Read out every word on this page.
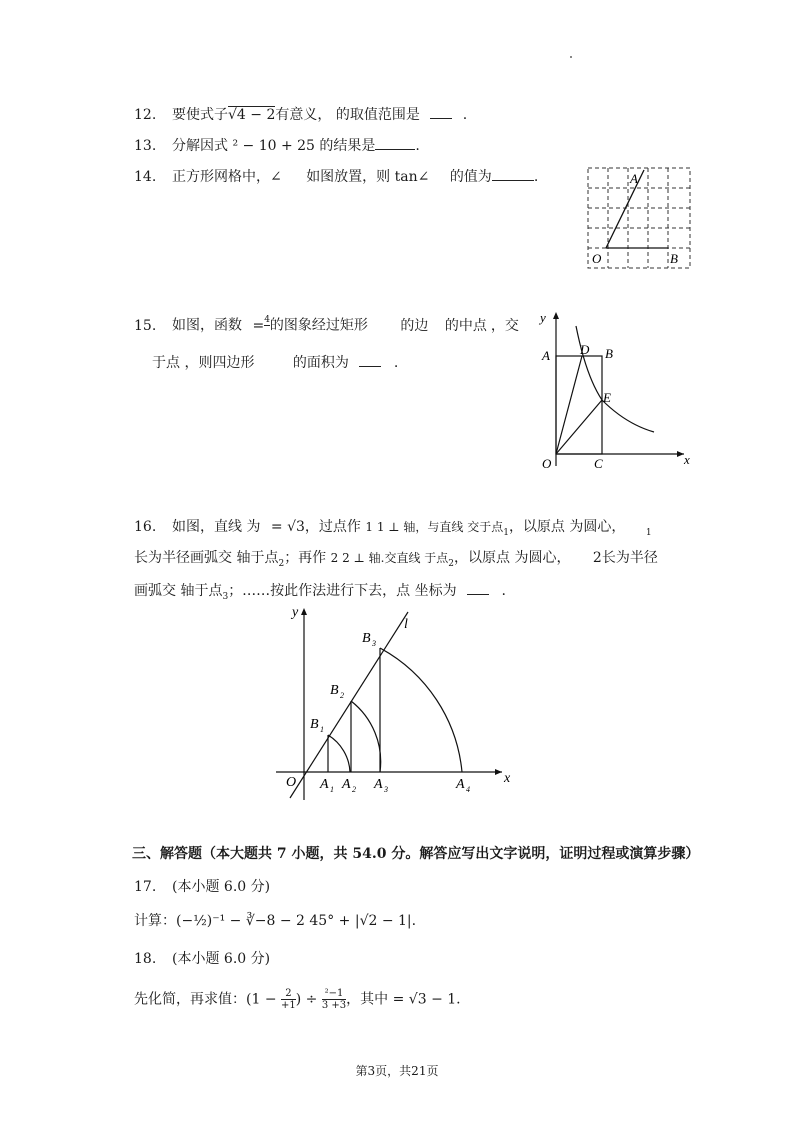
12. 要使式子√4 − 2有意义， 的取值范围是	.
13. 分解因式 ² − 10 + 25 的结果是	.
14. 正方形网格中，∠ 如图放置，则 tan∠ 的值为	.	A
O	B
15. 如图，函数 = 4
的图象经过矩形 的边 的中点 ，交
于点 ，则四边形	的面积为	.
y
x
A D B
E
O	C
16. 如图，直线 为 = √3，过点作 1 1 ⊥ 轴，与直线 交于点$_1$，以原点 为圆心， $_1$
长为半径画弧交 轴于点$_2$；再作 2 2 ⊥ 轴.交直线 于点$_2$，以原点 为圆心， 2长为半径
画弧交 轴于点$_3$；……按此作法进行下去，点 坐标为	.
y
x
l
O
B 1
B 2
B 3
A 1 A 2 A 3	A 4
三、解答题（本大题共 7 小题，共 54.0 分。解答应写出文字说明，证明过程或演算步骤）
17. (本小题 6.0 分)
计算：(−½)⁻¹ − ∛−8 − 2 45° + |√2 − 1|.
18. (本小题 6.0 分)
先化简，再求值：($1 - \frac{2}{+1}$ ) ÷ $\frac{\text{²−1}}{3 +3}$ ，其中 = √3 − 1.
第3页，共21页
